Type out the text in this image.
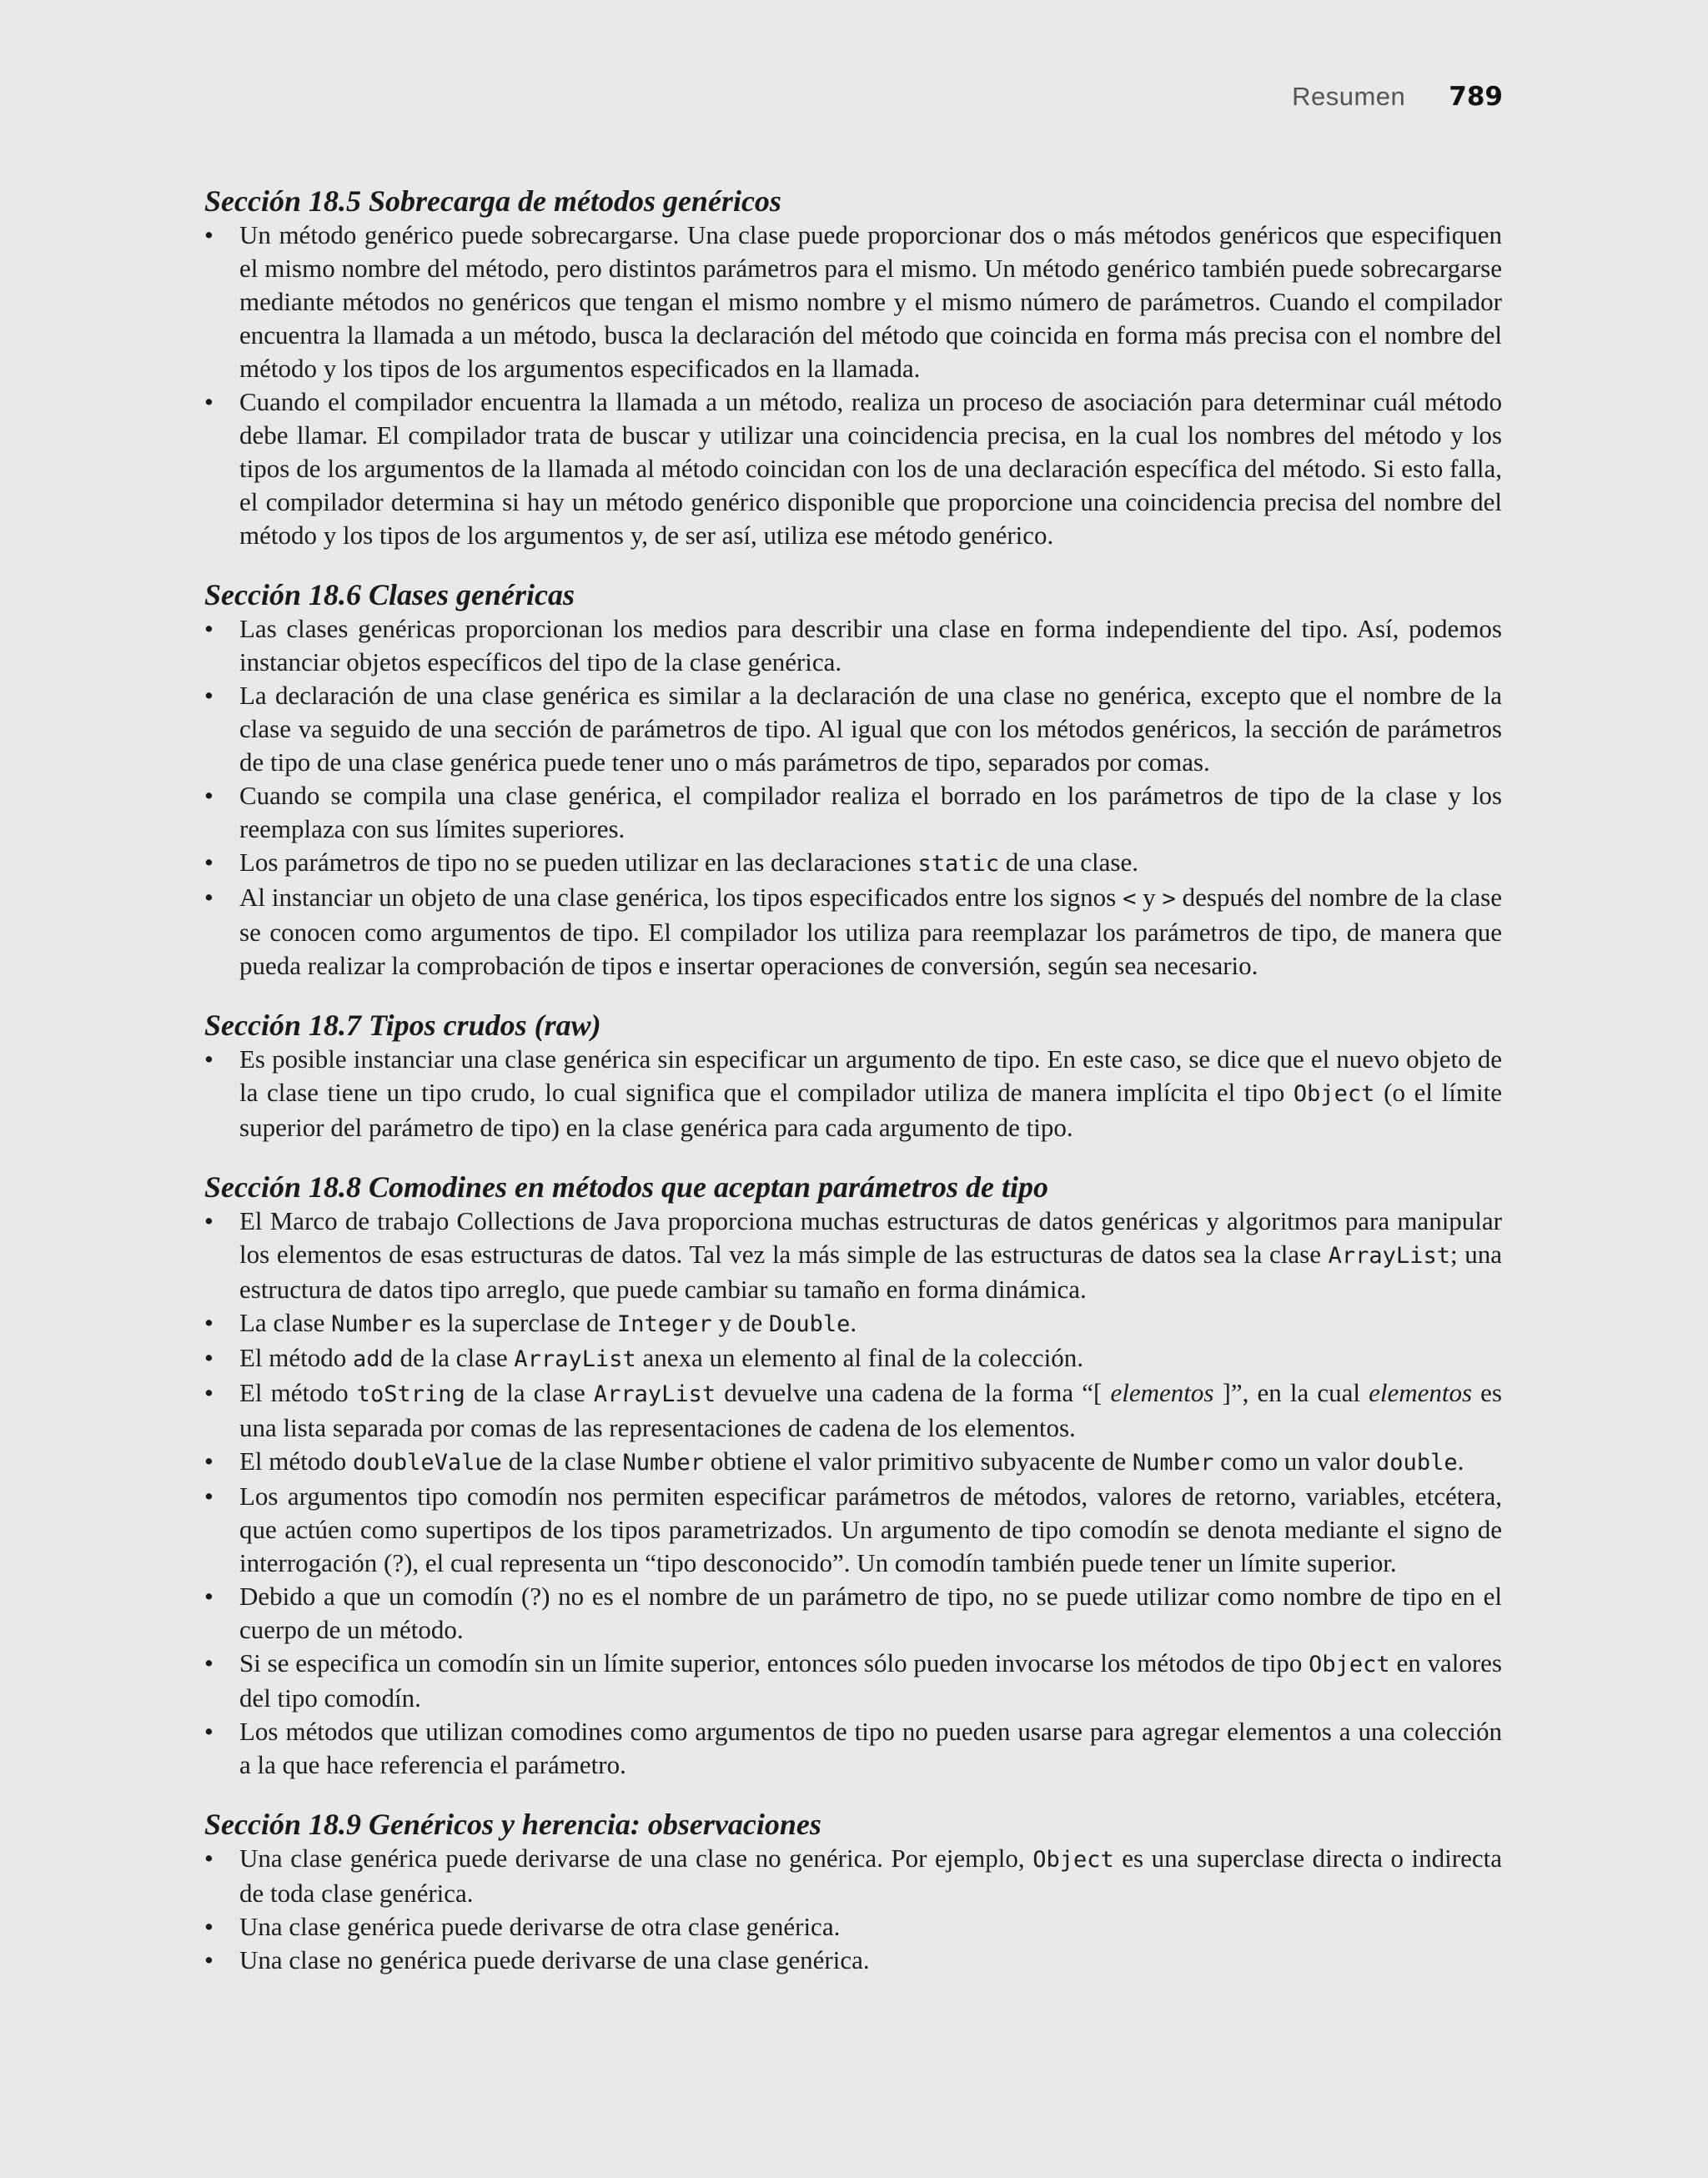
Resumen 789
Sección 18.5 Sobrecarga de métodos genéricos
• Un método genérico puede sobrecargarse. Una clase puede proporcionar dos o más métodos genéricos que especifiquen el mismo nombre del método, pero distintos parámetros para el mismo. Un método genérico también puede sobrecargarse mediante métodos no genéricos que tengan el mismo nombre y el mismo número de parámetros. Cuando el compilador encuentra la llamada a un método, busca la declaración del método que coincida en forma más precisa con el nombre del método y los tipos de los argumentos especificados en la llamada.
• Cuando el compilador encuentra la llamada a un método, realiza un proceso de asociación para determinar cuál método debe llamar. El compilador trata de buscar y utilizar una coincidencia precisa, en la cual los nombres del método y los tipos de los argumentos de la llamada al método coincidan con los de una declaración específica del método. Si esto falla, el compilador determina si hay un método genérico disponible que proporcione una coincidencia precisa del nombre del método y los tipos de los argumentos y, de ser así, utiliza ese método genérico.
Sección 18.6 Clases genéricas
• Las clases genéricas proporcionan los medios para describir una clase en forma independiente del tipo. Así, podemos instanciar objetos específicos del tipo de la clase genérica.
• La declaración de una clase genérica es similar a la declaración de una clase no genérica, excepto que el nombre de la clase va seguido de una sección de parámetros de tipo. Al igual que con los métodos genéricos, la sección de parámetros de tipo de una clase genérica puede tener uno o más parámetros de tipo, separados por comas.
• Cuando se compila una clase genérica, el compilador realiza el borrado en los parámetros de tipo de la clase y los reemplaza con sus límites superiores.
• Los parámetros de tipo no se pueden utilizar en las declaraciones static de una clase.
• Al instanciar un objeto de una clase genérica, los tipos especificados entre los signos < y > después del nombre de la clase se conocen como argumentos de tipo. El compilador los utiliza para reemplazar los parámetros de tipo, de manera que pueda realizar la comprobación de tipos e insertar operaciones de conversión, según sea necesario.
Sección 18.7 Tipos crudos (raw)
• Es posible instanciar una clase genérica sin especificar un argumento de tipo. En este caso, se dice que el nuevo objeto de la clase tiene un tipo crudo, lo cual significa que el compilador utiliza de manera implícita el tipo Object (o el límite superior del parámetro de tipo) en la clase genérica para cada argumento de tipo.
Sección 18.8 Comodines en métodos que aceptan parámetros de tipo
• El Marco de trabajo Collections de Java proporciona muchas estructuras de datos genéricas y algoritmos para manipular los elementos de esas estructuras de datos. Tal vez la más simple de las estructuras de datos sea la clase ArrayList; una estructura de datos tipo arreglo, que puede cambiar su tamaño en forma dinámica.
• La clase Number es la superclase de Integer y de Double.
• El método add de la clase ArrayList anexa un elemento al final de la colección.
• El método toString de la clase ArrayList devuelve una cadena de la forma “[ elementos ]”, en la cual elementos es una lista separada por comas de las representaciones de cadena de los elementos.
• El método doubleValue de la clase Number obtiene el valor primitivo subyacente de Number como un valor double.
• Los argumentos tipo comodín nos permiten especificar parámetros de métodos, valores de retorno, variables, etcétera, que actúen como supertipos de los tipos parametrizados. Un argumento de tipo comodín se denota mediante el signo de interrogación (?), el cual representa un “tipo desconocido”. Un comodín también puede tener un límite superior.
• Debido a que un comodín (?) no es el nombre de un parámetro de tipo, no se puede utilizar como nombre de tipo en el cuerpo de un método.
• Si se especifica un comodín sin un límite superior, entonces sólo pueden invocarse los métodos de tipo Object en valores del tipo comodín.
• Los métodos que utilizan comodines como argumentos de tipo no pueden usarse para agregar elementos a una colección a la que hace referencia el parámetro.
Sección 18.9 Genéricos y herencia: observaciones
• Una clase genérica puede derivarse de una clase no genérica. Por ejemplo, Object es una superclase directa o indirecta de toda clase genérica.
• Una clase genérica puede derivarse de otra clase genérica.
• Una clase no genérica puede derivarse de una clase genérica.
